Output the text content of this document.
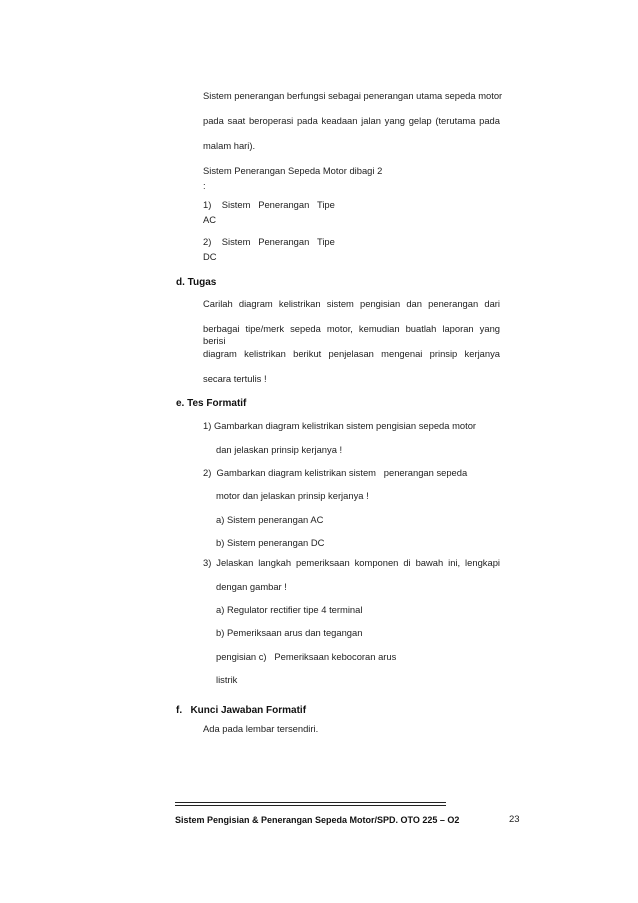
Sistem penerangan berfungsi sebagai penerangan utama sepeda motor
pada saat beroperasi pada keadaan jalan yang gelap (terutama pada
malam hari).
Sistem Penerangan Sepeda Motor dibagi 2
:
1)    Sistem   Penerangan   Tipe
AC
2)    Sistem   Penerangan   Tipe
DC
d. Tugas
Carilah diagram kelistrikan sistem pengisian dan penerangan dari
berbagai tipe/merk sepeda motor, kemudian buatlah laporan yang berisi
diagram kelistrikan berikut penjelasan mengenai prinsip kerjanya
secara tertulis !
e. Tes Formatif
1) Gambarkan diagram kelistrikan sistem pengisian sepeda motor
dan jelaskan prinsip kerjanya !
2)  Gambarkan diagram kelistrikan sistem   penerangan sepeda
motor dan jelaskan prinsip kerjanya !
a) Sistem penerangan AC
b) Sistem penerangan DC
3) Jelaskan langkah pemeriksaan komponen di bawah ini, lengkapi
dengan gambar !
a) Regulator rectifier tipe 4 terminal
b) Pemeriksaan arus dan tegangan
pengisian c)   Pemeriksaan kebocoran arus
listrik
f.   Kunci Jawaban Formatif
Ada pada lembar tersendiri.
Sistem Pengisian & Penerangan Sepeda Motor/SPD. OTO 225 – O2	23
